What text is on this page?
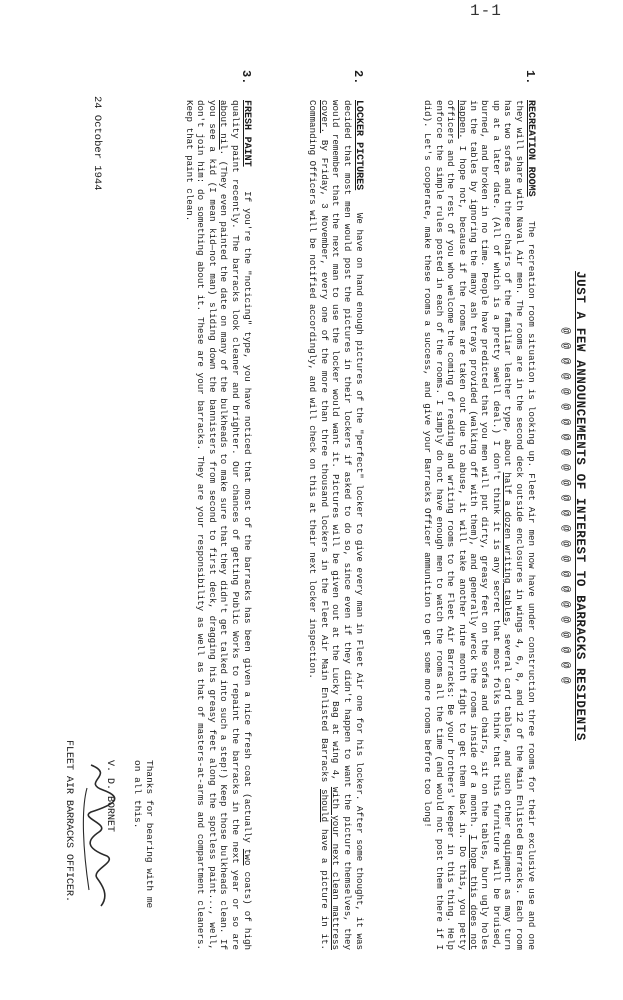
1-1
JUST A FEW ANNOUNCEMENTS OF INTEREST TO BARRACKS RESIDENTS
@ @ @ @ @ @ @ @ @ @ @ @ @ @ @ @ @ @ @ @ @ @ @ @
1.
RECREATION ROOMS    The recreation room situation is looking up. Fleet Air men now have under construction three rooms for their exclusive use and one they will share with Naval Air men. The rooms are in the second deck outside enclosures in wings 4, 6, 8, and 12 of the Main Enlisted Barracks. Each room has two sofas and three chairs of the familiar leather type, about half a dozen writing tables, several card tables, and such other equipment as may turn up at a later date. (All of which is a pretty swell deal.) I don't think it is any secret that most folks think that this furniture will be bruised, burned, and broken in no time. People have predicted that you men will put dirty, greasy feet on the sofas and chairs, sit on the tables, burn ugly holes in the tables by ignoring the many ash trays provided (walking off with them), and generally wreck the rooms inside of a month. I hope this does not happen. I hope not, because if the rooms are taken out due to abuse, it will take another nine month fight to get them back in. Do this, you petty officers and the rest of you who welcome the coming of reading and writing rooms to the Fleet Air Barracks: Be your brothers' keeper in this thing. Help enforce the simple rules posted in each of the rooms. I simply do not have enough men to watch the rooms all the time (and would not post them there if I did). Let's cooperate, make these rooms a success, and give your Barracks Officer ammunition to get some more rooms before too long!
2.
LOCKER PICTURES    We have on hand enough pictures of the "perfect" locker to give every man in Fleet Air one for his locker. After some thought, it was decided that most men would post the pictures in their lockers if asked to do so, since even if they didn't happen to want the picture themselves, they would remember that the next man to use the locker would want it. Pictures will be given out at the Lucky Bag at wing 4, with your next clean mattress cover. By Friday, 3 November, every one of the more than three thousand lockers in the Fleet Air Main Enlisted Barracks should have a picture in it. Commanding Officers will be notified accordingly, and will check on this at their next locker inspection.
3.
FRESH PAINT    If you're the "noticing" type, you have noticed that most of the barracks has been given a nice fresh coat (actually two coats) of high quality paint recently. The barracks look cleaner and brighter. Our chances of getting Public Works to repaint the barracks in the next year or so are about nil. (They even painted the date on many of the bulkheads to make sure that they didn't get talked into such a step!) Keep those bulkheads clean. If you see a kid (I mean kid—not man) sliding down the bannisters from second to first deck, dragging his greasy feet along the spotless paint..., well, don't join him: do something about it. These are your barracks. They are your responsibility as well as that of masters-at-arms and compartment cleaners. Keep that paint clean.
Thanks for bearing with me
on all this.
V. D. BORNET
FLEET AIR BARRACKS OFFICER.
24 October 1944
